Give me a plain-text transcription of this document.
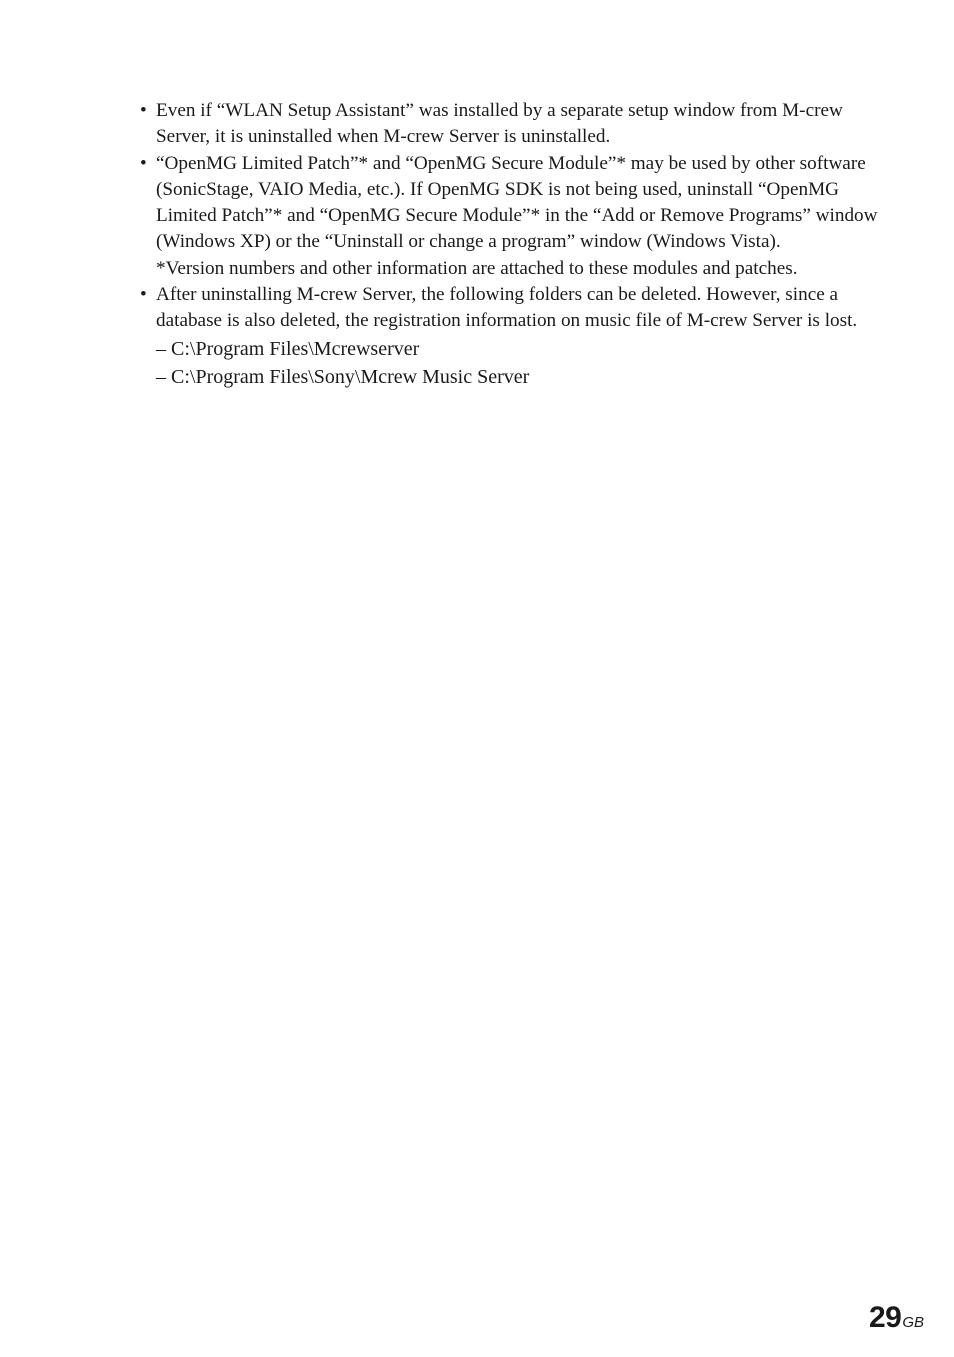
• Even if “WLAN Setup Assistant” was installed by a separate setup window from M-crew Server, it is uninstalled when M-crew Server is uninstalled.
• “OpenMG Limited Patch”* and “OpenMG Secure Module”* may be used by other software (SonicStage, VAIO Media, etc.). If OpenMG SDK is not being used, uninstall “OpenMG Limited Patch”* and “OpenMG Secure Module”* in the “Add or Remove Programs” window (Windows XP) or the “Uninstall or change a program” window (Windows Vista).
*Version numbers and other information are attached to these modules and patches.
• After uninstalling M-crew Server, the following folders can be deleted. However, since a database is also deleted, the registration information on music file of M-crew Server is lost.
– C:\Program Files\Mcrewserver
– C:\Program Files\Sony\Mcrew Music Server
29 GB
